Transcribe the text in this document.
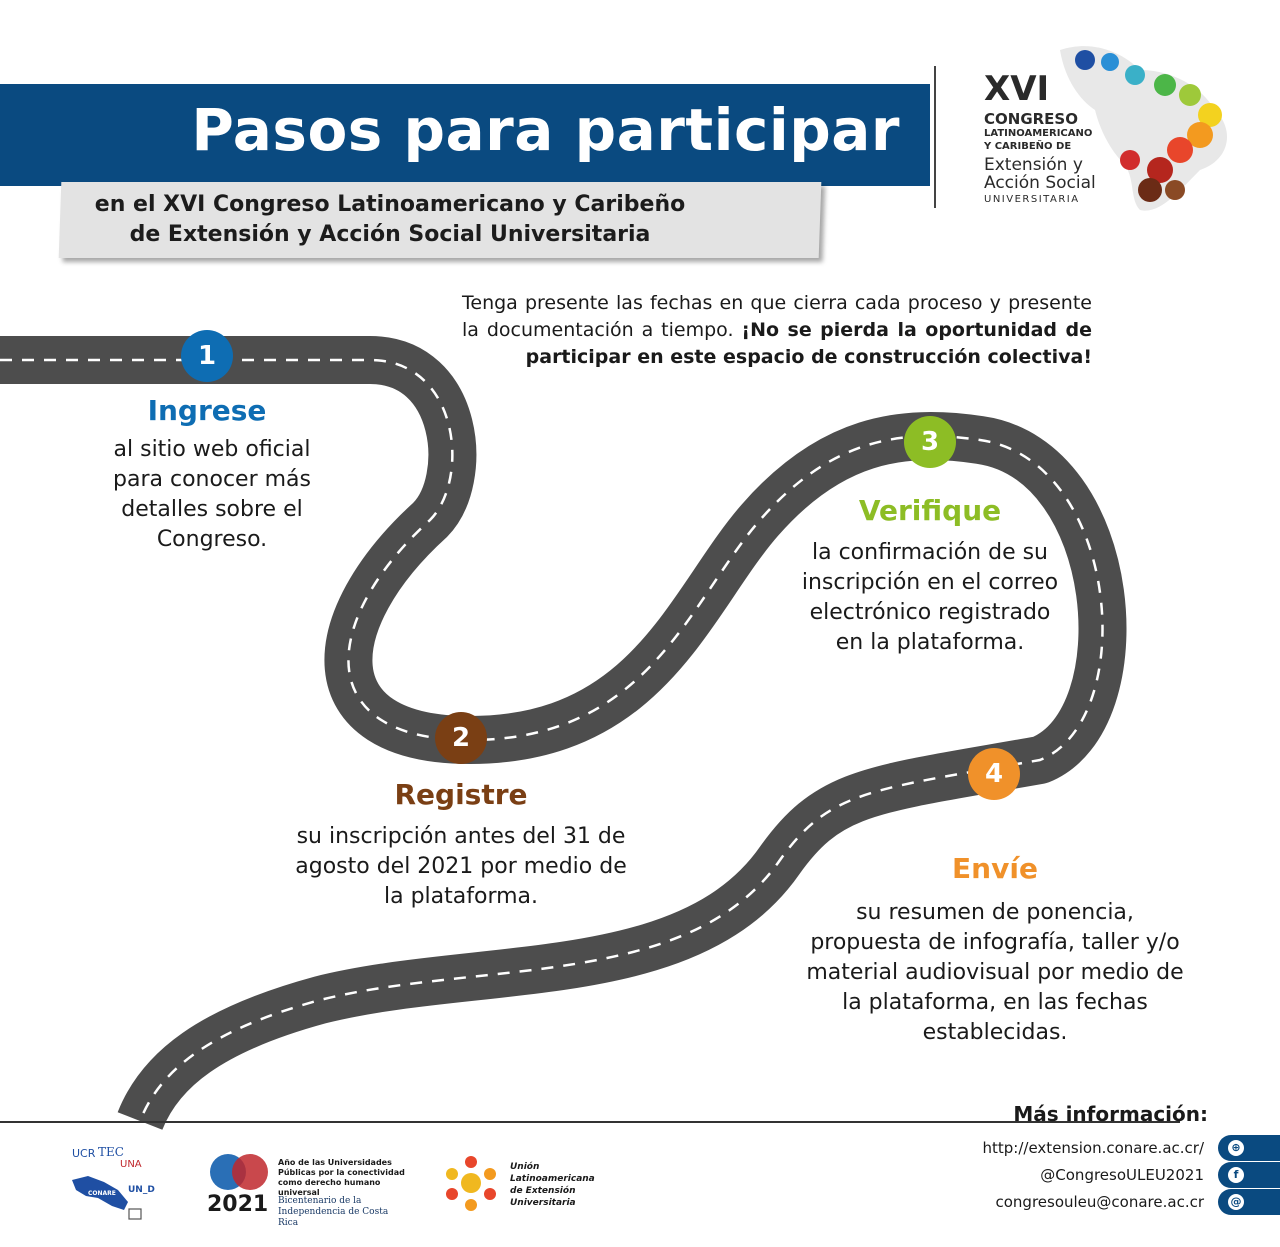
Pasos para participar

en el XVI Congreso Latinoamericano y Caribeño
de Extensión y Acción Social Universitaria

XVI
CONGRESO
LATINOAMERICANO
Y CARIBEÑO DE
Extensión y
Acción Social
UNIVERSITARIA

Tenga presente las fechas en que cierra cada proceso y presente la documentación a tiempo. ¡No se pierda la oportunidad de participar en este espacio de construcción colectiva!

1
Ingrese

al sitio web oficial para conocer más detalles sobre el Congreso.

2
Registre

su inscripción antes del 31 de agosto del 2021 por medio de la plataforma.

3
Verifique

la confirmación de su inscripción en el correo electrónico registrado en la plataforma.

4
Envíe

su resumen de ponencia, propuesta de infografía, taller y/o material audiovisual por medio de la plataforma, en las fechas establecidas.

Más información:
http://extension.conare.ac.cr/	⊕
@CongresoULEU2021	f
congresouleu@conare.ac.cr @
UCR TEC
UNA
CONARE UN_D
2021

Año de las Universidades Públicas por la conectividad como derecho humano universal

Bicentenario de la Independencia de Costa Rica

Unión Latinoamericana de Extensión Universitaria
